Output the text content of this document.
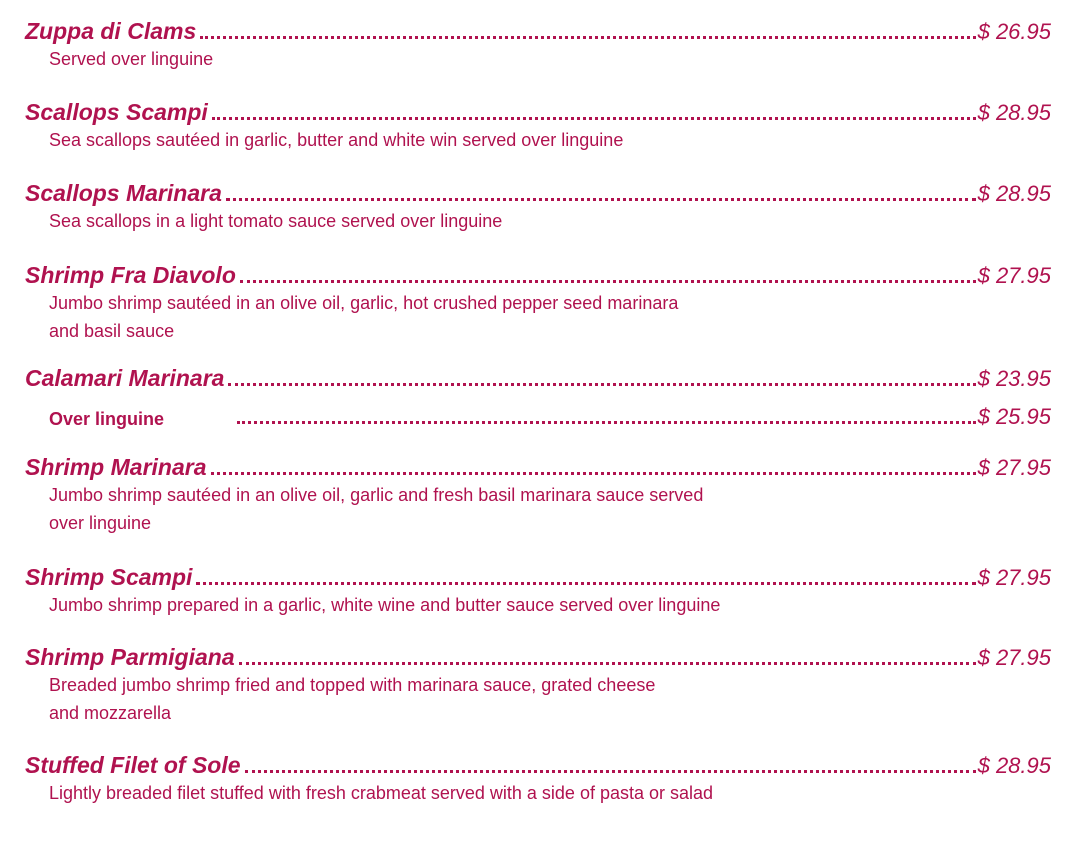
Zuppa di Clams	$ 26.95
Served over linguine
Scallops Scampi	$ 28.95
Sea scallops sautéed in garlic, butter and white win served over linguine
Scallops Marinara	$ 28.95
Sea scallops in a light tomato sauce served over linguine
Shrimp Fra Diavolo	$ 27.95
Jumbo shrimp sautéed in an olive oil, garlic, hot crushed pepper seed marinara
and basil sauce
Calamari Marinara	$ 23.95
Over linguine	$ 25.95
Shrimp Marinara	$ 27.95
Jumbo shrimp sautéed in an olive oil, garlic and fresh basil marinara sauce served
over linguine
Shrimp Scampi	$ 27.95
Jumbo shrimp prepared in a garlic, white wine and butter sauce served over linguine
Shrimp Parmigiana	$ 27.95
Breaded jumbo shrimp fried and topped with marinara sauce, grated cheese
and mozzarella
Stuffed Filet of Sole	$ 28.95
Lightly breaded filet stuffed with fresh crabmeat served with a side of pasta or salad
